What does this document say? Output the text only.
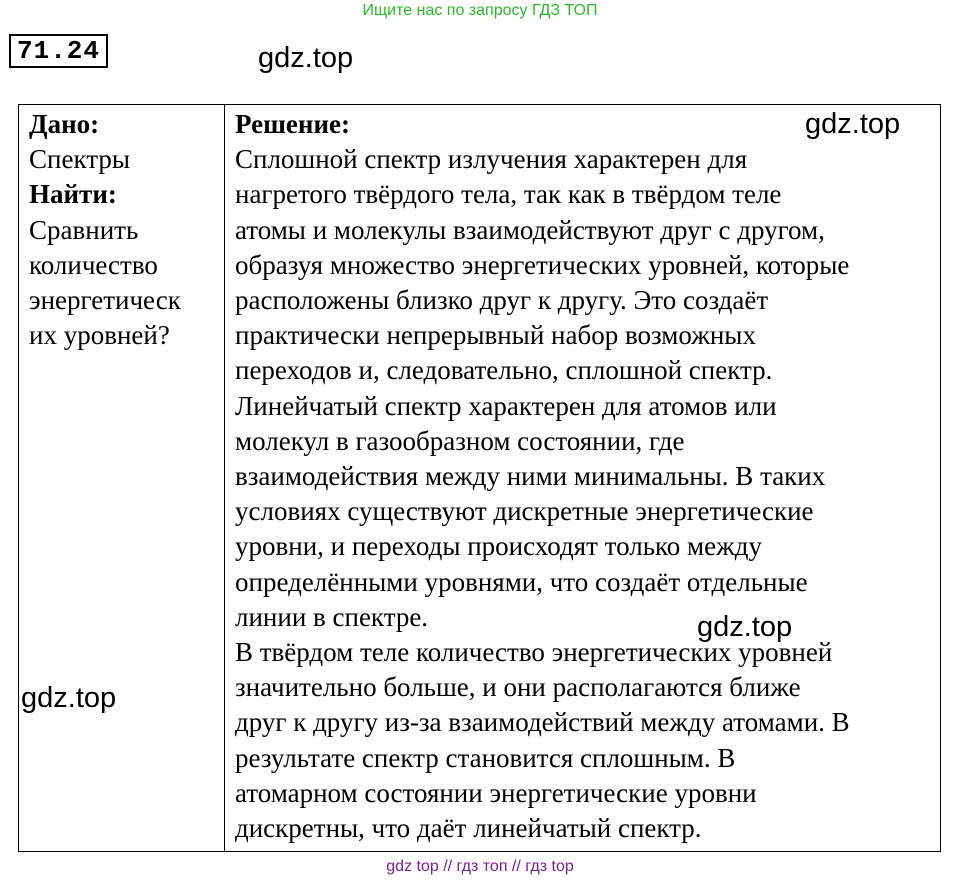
Ищите нас по запросу ГДЗ ТОП
71.24	gdz.top
Дано:
Спектры
Найти:
Сравнить
количество
энергетическ
их уровней?
Решение:
Сплошной спектр излучения характерен для
нагретого твёрдого тела, так как в твёрдом теле
атомы и молекулы взаимодействуют друг с другом,
образуя множество энергетических уровней, которые
расположены близко друг к другу. Это создаёт
практически непрерывный набор возможных
переходов и, следовательно, сплошной спектр.
Линейчатый спектр характерен для атомов или
молекул в газообразном состоянии, где
взаимодействия между ними минимальны. В таких
условиях существуют дискретные энергетические
уровни, и переходы происходят только между
определёнными уровнями, что создаёт отдельные
линии в спектре.
В твёрдом теле количество энергетических уровней
значительно больше, и они располагаются ближе
друг к другу из-за взаимодействий между атомами. В
результате спектр становится сплошным. В
атомарном состоянии энергетические уровни
дискретны, что даёт линейчатый спектр.
gdz.top
gdz.top
gdz.top
gdz top // гдз топ // гдз top
